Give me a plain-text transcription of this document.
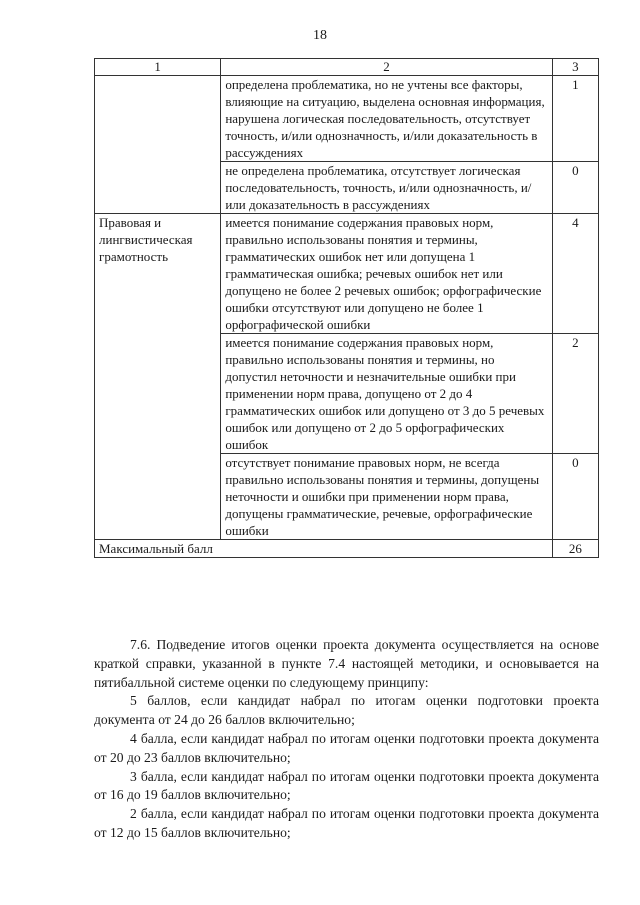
18
1	2	3
	определена проблематика, но не учтены все факторы, влияющие на ситуацию, выделена основная информация, нарушена логическая последовательность, отсутствует точность, и/или однозначность, и/или доказательность в рассуждениях	1
	не определена проблематика, отсутствует логическая последовательность, точность, и/или однозначность, и/или доказательность в рассуждениях	0
Правовая и лингвистическая грамотность	имеется понимание содержания правовых норм, правильно использованы понятия и термины, грамматических ошибок нет или допущена 1 грамматическая ошибка; речевых ошибок нет или допущено не более 2 речевых ошибок; орфографические ошибки отсутствуют или допущено не более 1 орфографической ошибки	4
	имеется понимание содержания правовых норм, правильно использованы понятия и термины, но допустил неточности и незначительные ошибки при применении норм права, допущено от 2 до 4 грамматических ошибок или допущено от 3 до 5 речевых ошибок или допущено от 2 до 5 орфографических ошибок	2
	отсутствует понимание правовых норм, не всегда правильно использованы понятия и термины, допущены неточности и ошибки при применении норм права, допущены грамматические, речевые, орфографические ошибки	0
Максимальный балл		26

7.6. Подведение итогов оценки проекта документа осуществляется на основе краткой справки, указанной в пункте 7.4 настоящей методики, и основывается на пятибалльной системе оценки по следующему принципу:

5 баллов, если кандидат набрал по итогам оценки подготовки проекта документа от 24 до 26 баллов включительно;

4 балла, если кандидат набрал по итогам оценки подготовки проекта документа от 20 до 23 баллов включительно;

3 балла, если кандидат набрал по итогам оценки подготовки проекта документа от 16 до 19 баллов включительно;

2 балла, если кандидат набрал по итогам оценки подготовки проекта документа от 12 до 15 баллов включительно;
